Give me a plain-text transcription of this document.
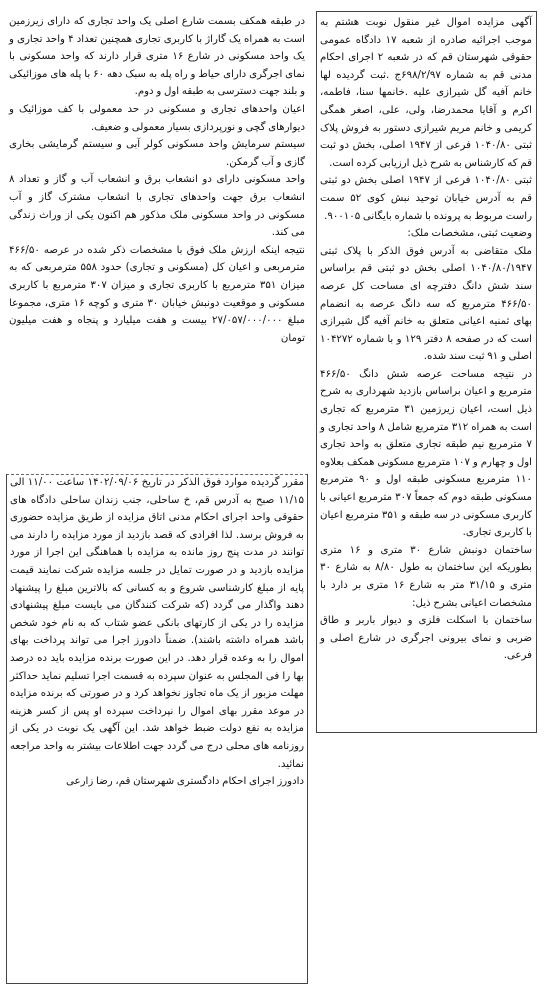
آگهی مزایده اموال غیر منقول نوبت هشتم به موجب اجرائیه صادره از شعبه ۱۷ دادگاه عمومی حقوقی شهرستان قم که در شعبه ۲ اجرای احکام مدنی قم به شماره ۶۹۸/۲/۹۷ج .ثبت گردیده لها خانم آفیه گل شیرازی علیه .خانمها سنا، فاطمه، اکرم و آقایا محمدرضا، ولی، علی، اصغر همگی کریمی و خانم مریم شیرازی دستور به فروش پلاک ثبتی ۱۰۴۰/۸۰ فرعی از ۱۹۴۷ اصلی، بخش دو ثبت قم که کارشناس به شرح ذیل ارزیابی کرده است.

ثبتی ۱۰۴۰/۸۰ فرعی از ۱۹۴۷ اصلی بخش دو ثبتی قم به آدرس خیابان توحید نبش کوی ۵۲ سمت راست مربوط به پرونده با شماره بایگانی ۹۰۰۱۰۵.

وضعیت ثبتی، مشخصات ملک:

ملک متقاضی به آدرس فوق الذکر با پلاک ثبتی ۱۰۴۰/۸۰/۱۹۴۷ اصلی بخش دو ثبتی قم براساس سند شش دانگ دفترچه ای مساحت کل عرصه ۴۶۶/۵۰ مترمربع که سه دانگ عرصه به انضمام بهای ثمنیه اعیانی متعلق به خانم آفیه گل شیرازی است که در صفحه ۸ دفتر ۱۲۹ و با شماره ۱۰۴۲۷۲ اصلی و ۹۱ ثبت سند شده.

در نتیجه مساحت عرصه شش دانگ ۴۶۶/۵۰ مترمربع و اعیان براساس بازدید شهرداری به شرح ذیل است، اعیان زیرزمین ۳۱ مترمربع که تجاری است به همراه ۳۱۲ مترمربع شامل ۸ واحد تجاری و ۷ مترمربع نیم طبقه تجاری متعلق به واحد تجاری اول و چهارم و ۱۰۷ مترمربع مسکونی همکف بعلاوه ۱۱۰ مترمربع مسکونی طبقه اول و ۹۰ مترمربع مسکونی طبقه دوم که جمعاً ۳۰۷ مترمربع اعیانی با کاربری مسکونی در سه طبقه و ۳۵۱ مترمربع اعیان با کاربری تجاری.

ساختمان دونبش شارع ۳۰ متری و ۱۶ متری بطوریکه این ساختمان به طول ۸/۸۰ به شارع ۳۰ متری و ۳۱/۱۵ متر به شارع ۱۶ متری بر دارد با مشخصات اعیانی بشرح ذیل:

ساختمان با اسکلت فلزی و دیوار باربر و طاق ضربی و نمای بیرونی اجرگری در شارع اصلی و فرعی.

در طبقه همکف بسمت شارع اصلی یک واحد تجاری که دارای زیرزمین است به همراه یک گاراژ با کاربری تجاری همچنین تعداد ۴ واحد تجاری و یک واحد مسکونی در شارع ۱۶ متری قرار دارند که واحد مسکونی با نمای اجرگری دارای حیاط و راه پله به سبک دهه ۶۰ با پله های موزائیکی و بلند جهت دسترسی به طبقه اول و دوم.

اعیان واحدهای تجاری و مسکونی در حد معمولی با کف موزائیک و دیوارهای گچی و نورپردازی بسیار معمولی و ضعیف.

سیستم سرمایش واحد مسکونی کولر آبی و سیستم گرمایشی بخاری گازی و آب گرمکن.

واحد مسکونی دارای دو انشعاب برق و انشعاب آب و گاز و تعداد ۸ انشعاب برق جهت واحدهای تجاری با انشعاب مشترک گاز و آب مسکونی در واحد مسکونی ملک مذکور هم اکنون یکی از وراث زندگی می کند.

نتیجه اینکه ارزش ملک فوق با مشخصات ذکر شده در عرصه ۴۶۶/۵۰ مترمربعی و اعیان کل (مسکونی و تجاری) حدود ۵۵۸ مترمربعی که به میزان ۳۵۱ مترمربع با کاربری تجاری و میزان ۳۰۷ مترمربع با کاربری مسکونی و موقعیت دونبش خیابان ۳۰ متری و کوچه ۱۶ متری، مجموعا مبلغ ۲۷/۰۵۷/۰۰۰/۰۰۰ بیست و هفت میلیارد و پنجاه و هفت میلیون تومان

مقرر گردیده موارد فوق الذکر در تاریخ ۱۴۰۲/۰۹/۰۶ ساعت ۱۱/۰۰ الی ۱۱/۱۵ صبح به آدرس قم، خ ساحلی، جنب زندان ساحلی دادگاه های حقوقی واحد اجرای احکام مدنی اتاق مزایده از طریق مزایده حضوری به فروش برسد. لذا افرادی که قصد بازدید از مورد مزایده را دارند می توانند در مدت پنج روز مانده به مزایده با هماهنگی این اجرا از مورد مزایده بازدید و در صورت تمایل در جلسه مزایده شرکت نمایند قیمت پایه از مبلغ کارشناسی شروع و به کسانی که بالاترین مبلغ را پیشنهاد دهند واگذار می گردد (که شرکت کنندگان می بایست مبلغ پیشنهادی مزایده را در یکی از کارتهای بانکی عضو شتاب که به نام خود شخص باشد همراه داشته باشند). ضمناً دادورز اجرا می تواند پرداخت بهای اموال را به وعده قرار دهد. در این صورت برنده مزایده باید ده درصد بها را فی المجلس به عنوان سپرده به قسمت اجرا تسلیم نماید حداکثر مهلت مزبور از یک ماه تجاوز نخواهد کرد و در صورتی که برنده مزایده در موعد مقرر بهای اموال را نپرداخت سپرده او پس از کسر هزینه مزایده به نفع دولت ضبط خواهد شد. این آگهی یک نوبت در یکی از روزنامه های محلی درج می گردد جهت اطلاعات بیشتر به واحد مراجعه نمائید.

دادورز اجرای احکام دادگستری شهرستان قم، رضا زارعی
